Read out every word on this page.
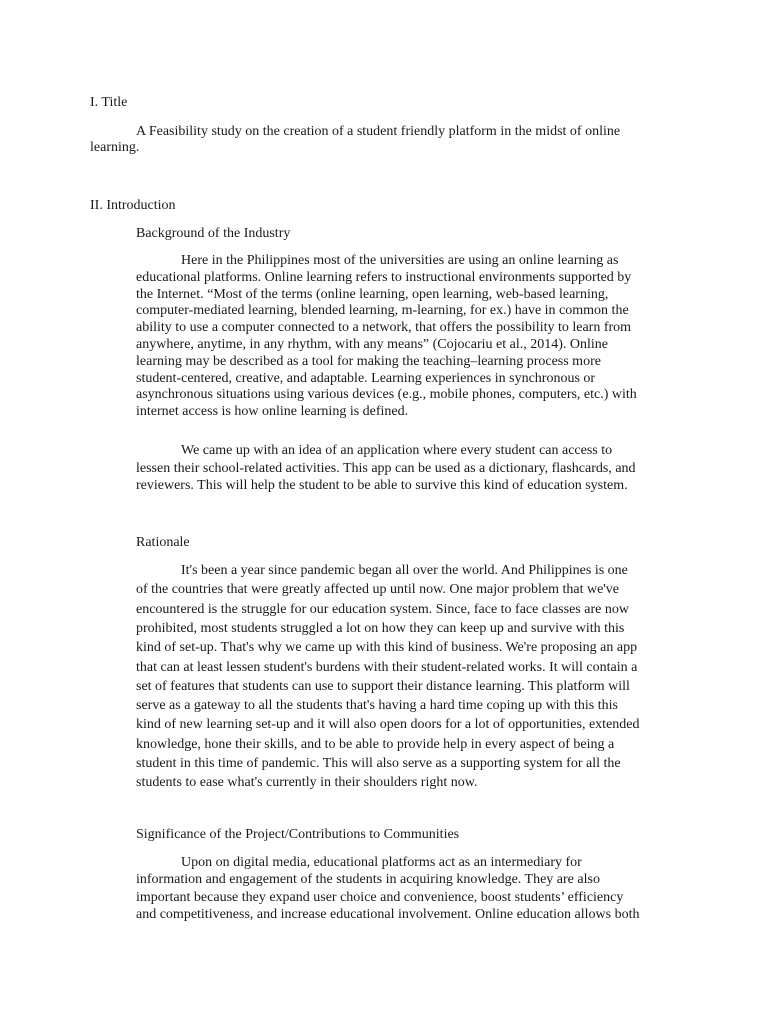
I. Title
A Feasibility study on the creation of a student friendly platform in the midst of online
learning.
II. Introduction
Background of the Industry
Here in the Philippines most of the universities are using an online learning as
educational platforms. Online learning refers to instructional environments supported by
the Internet. “Most of the terms (online learning, open learning, web-based learning,
computer-mediated learning, blended learning, m-learning, for ex.) have in common the
ability to use a computer connected to a network, that offers the possibility to learn from
anywhere, anytime, in any rhythm, with any means” (Cojocariu et al., 2014). Online
learning may be described as a tool for making the teaching–learning process more
student-centered, creative, and adaptable. Learning experiences in synchronous or
asynchronous situations using various devices (e.g., mobile phones, computers, etc.) with
internet access is how online learning is defined.
We came up with an idea of an application where every student can access to
lessen their school-related activities. This app can be used as a dictionary, flashcards, and
reviewers. This will help the student to be able to survive this kind of education system.
Rationale
It's been a year since pandemic began all over the world. And Philippines is one
of the countries that were greatly affected up until now. One major problem that we've
encountered is the struggle for our education system. Since, face to face classes are now
prohibited, most students struggled a lot on how they can keep up and survive with this
kind of set-up. That's why we came up with this kind of business. We're proposing an app
that can at least lessen student's burdens with their student-related works. It will contain a
set of features that students can use to support their distance learning. This platform will
serve as a gateway to all the students that's having a hard time coping up with this this
kind of new learning set-up and it will also open doors for a lot of opportunities, extended
knowledge, hone their skills, and to be able to provide help in every aspect of being a
student in this time of pandemic. This will also serve as a supporting system for all the
students to ease what's currently in their shoulders right now.
Significance of the Project/Contributions to Communities
Upon on digital media, educational platforms act as an intermediary for
information and engagement of the students in acquiring knowledge. They are also
important because they expand user choice and convenience, boost students’ efficiency
and competitiveness, and increase educational involvement. Online education allows both
